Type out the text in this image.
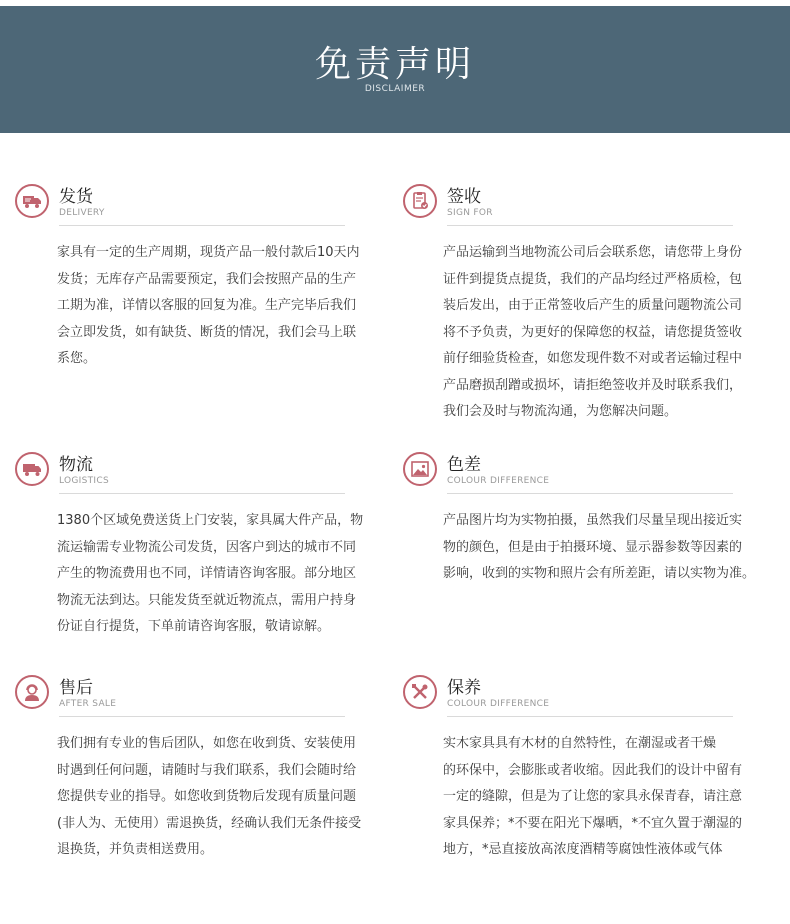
免责声明
DISCLAIMER
发货
DELIVERY
家具有一定的生产周期，现货产品一般付款后10天内
发货；无库存产品需要预定，我们会按照产品的生产
工期为准，详情以客服的回复为准。生产完毕后我们
会立即发货，如有缺货、断货的情况，我们会马上联
系您。
签收
SIGN FOR
产品运输到当地物流公司后会联系您，请您带上身份
证件到提货点提货，我们的产品均经过严格质检，包
装后发出，由于正常签收后产生的质量问题物流公司
将不予负责，为更好的保障您的权益，请您提货签收
前仔细验货检查，如您发现件数不对或者运输过程中
产品磨损刮蹭或损坏，请拒绝签收并及时联系我们，
我们会及时与物流沟通，为您解决问题。
物流
LOGISTICS
1380个区域免费送货上门安装，家具属大件产品，物
流运输需专业物流公司发货，因客户到达的城市不同
产生的物流费用也不同，详情请咨询客服。部分地区
物流无法到达。只能发货至就近物流点，需用户持身
份证自行提货，下单前请咨询客服，敬请谅解。
色差
COLOUR DIFFERENCE
产品图片均为实物拍摄，虽然我们尽量呈现出接近实
物的颜色，但是由于拍摄环境、显示器参数等因素的
影响，收到的实物和照片会有所差距，请以实物为准。
售后
AFTER SALE
我们拥有专业的售后团队，如您在收到货、安装使用
时遇到任何问题，请随时与我们联系，我们会随时给
您提供专业的指导。如您收到货物后发现有质量问题
(非人为、无使用）需退换货，经确认我们无条件接受
退换货，并负责相送费用。
保养
COLOUR DIFFERENCE
实木家具具有木材的自然特性，在潮湿或者干燥
的环保中，会膨胀或者收缩。因此我们的设计中留有
一定的缝隙，但是为了让您的家具永保青春，请注意
家具保养；*不要在阳光下爆晒，*不宜久置于潮湿的
地方，*忌直接放高浓度酒精等腐蚀性液体或气体
